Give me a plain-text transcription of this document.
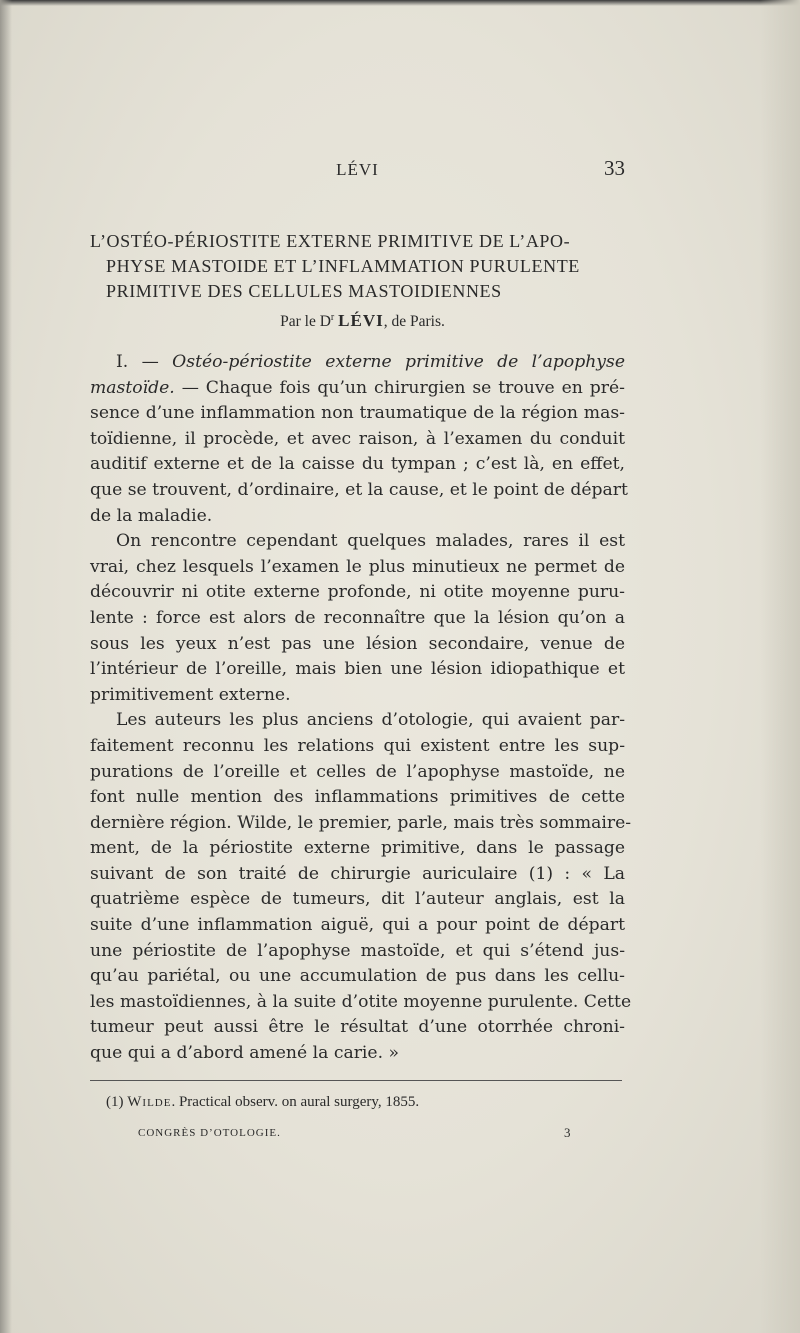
LÉVI	33
L’OSTÉO-PÉRIOSTITE EXTERNE PRIMITIVE DE L’APO-
PHYSE MASTOIDE ET L’INFLAMMATION PURULENTE
PRIMITIVE DES CELLULES MASTOIDIENNES
Par le $D^r$ LÉVI, de Paris.
I. — Ostéo-périostite externe primitive de l’apophyse
mastoïde. — Chaque fois qu’un chirurgien se trouve en pré-
sence d’une inflammation non traumatique de la région mas-
toïdienne, il procède, et avec raison, à l’examen du conduit
auditif externe et de la caisse du tympan ; c’est là, en effet,
que se trouvent, d’ordinaire, et la cause, et le point de départ
de la maladie.
On rencontre cependant quelques malades, rares il est
vrai, chez lesquels l’examen le plus minutieux ne permet de
découvrir ni otite externe profonde, ni otite moyenne puru-
lente : force est alors de reconnaître que la lésion qu’on a
sous les yeux n’est pas une lésion secondaire, venue de
l’intérieur de l’oreille, mais bien une lésion idiopathique et
primitivement externe.
Les auteurs les plus anciens d’otologie, qui avaient par-
faitement reconnu les relations qui existent entre les sup-
purations de l’oreille et celles de l’apophyse mastoïde, ne
font nulle mention des inflammations primitives de cette
dernière région. Wilde, le premier, parle, mais très sommaire-
ment, de la périostite externe primitive, dans le passage
suivant de son traité de chirurgie auriculaire (1) : « La
quatrième espèce de tumeurs, dit l’auteur anglais, est la
suite d’une inflammation aiguë, qui a pour point de départ
une périostite de l’apophyse mastoïde, et qui s’étend jus-
qu’au pariétal, ou une accumulation de pus dans les cellu-
les mastoïdiennes, à la suite d’otite moyenne purulente. Cette
tumeur peut aussi être le résultat d’une otorrhée chroni-
que qui a d’abord amené la carie. »
(1) Wilde. Practical observ. on aural surgery, 1855.
CONGRÈS D’OTOLOGIE.	3
